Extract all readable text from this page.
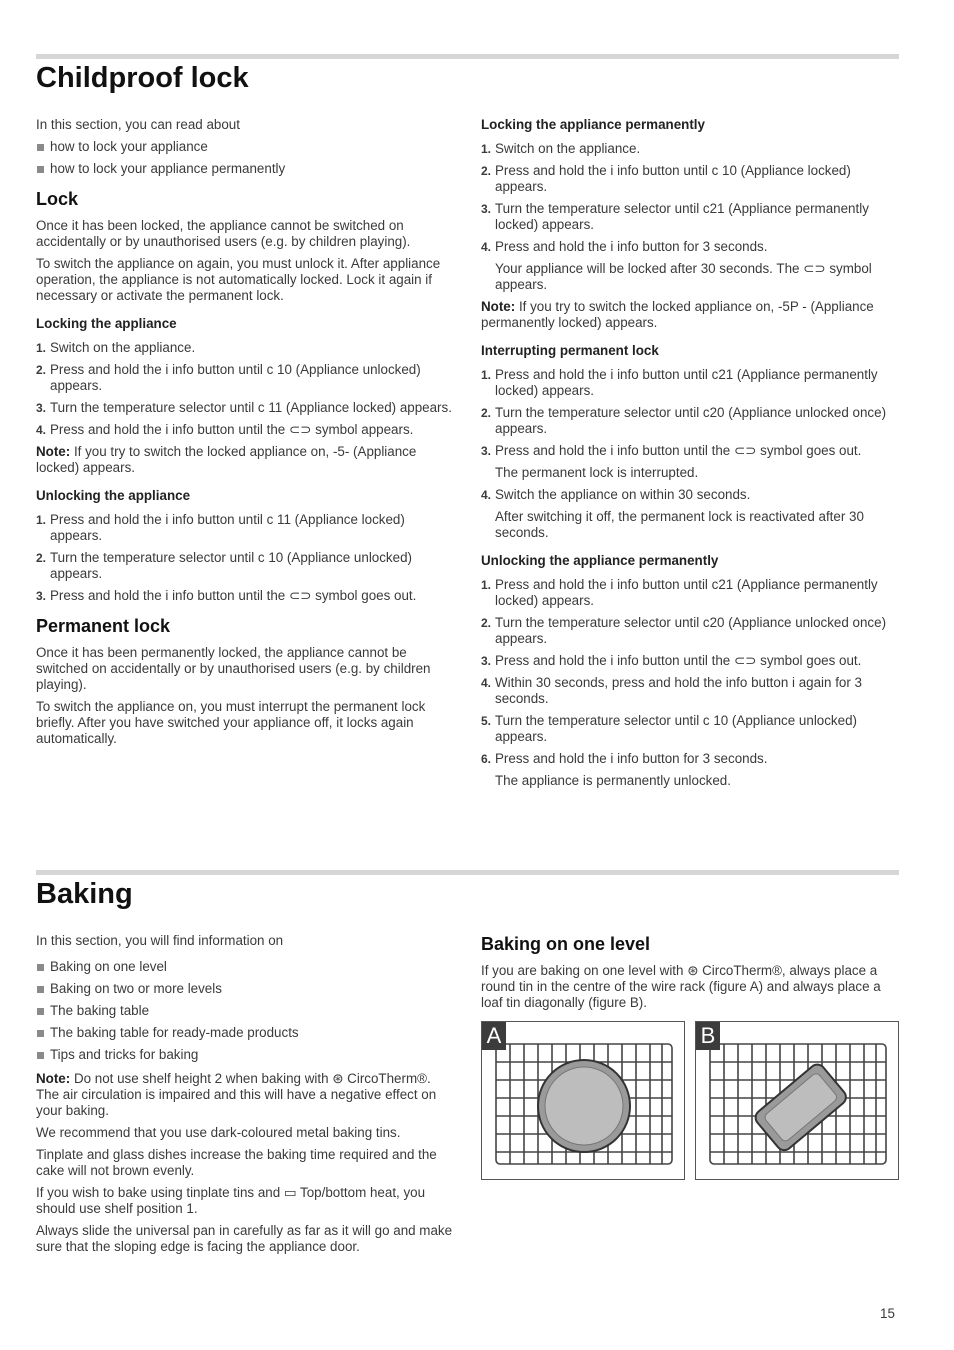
Childproof lock

In this section, you can read about

how to lock your appliance
how to lock your appliance permanently
Lock

Once it has been locked, the appliance cannot be switched on accidentally or by unauthorised users (e.g. by children playing).

To switch the appliance on again, you must unlock it. After appliance operation, the appliance is not automatically locked. Lock it again if necessary or activate the permanent lock.

Locking the appliance
1. Switch on the appliance.
2. Press and hold the i info button until c 10 (Appliance unlocked) appears.
3. Turn the temperature selector until c 11 (Appliance locked) appears.
4. Press and hold the i info button until the ⊂⊃ symbol appears.

Note: If you try to switch the locked appliance on, -5- (Appliance locked) appears.

Unlocking the appliance
1. Press and hold the i info button until c 11 (Appliance locked) appears.
2. Turn the temperature selector until c 10 (Appliance unlocked) appears.
3. Press and hold the i info button until the ⊂⊃ symbol goes out.
Permanent lock

Once it has been permanently locked, the appliance cannot be switched on accidentally or by unauthorised users (e.g. by children playing).

To switch the appliance on, you must interrupt the permanent lock briefly. After you have switched your appliance off, it locks again automatically.

Locking the appliance permanently
1. Switch on the appliance.
2. Press and hold the i info button until c 10 (Appliance locked) appears.
3. Turn the temperature selector until c21 (Appliance permanently locked) appears.
4. Press and hold the i info button for 3 seconds.
Your appliance will be locked after 30 seconds. The ⊂⊃ symbol appears.

Note: If you try to switch the locked appliance on, -5P - (Appliance permanently locked) appears.

Interrupting permanent lock
1. Press and hold the i info button until c21 (Appliance permanently locked) appears.
2. Turn the temperature selector until c20 (Appliance unlocked once) appears.
3. Press and hold the i info button until the ⊂⊃ symbol goes out.
The permanent lock is interrupted.
4. Switch the appliance on within 30 seconds.
After switching it off, the permanent lock is reactivated after 30 seconds.
Unlocking the appliance permanently
1. Press and hold the i info button until c21 (Appliance permanently locked) appears.
2. Turn the temperature selector until c20 (Appliance unlocked once) appears.
3. Press and hold the i info button until the ⊂⊃ symbol goes out.
4. Within 30 seconds, press and hold the info button i again for 3 seconds.
5. Turn the temperature selector until c 10 (Appliance unlocked) appears.
6. Press and hold the i info button for 3 seconds.
The appliance is permanently unlocked.
Baking

In this section, you will find information on

Baking on one level
Baking on two or more levels
The baking table
The baking table for ready-made products
Tips and tricks for baking

Note: Do not use shelf height 2 when baking with ⊛ CircoTherm®. The air circulation is impaired and this will have a negative effect on your baking.

We recommend that you use dark-coloured metal baking tins.

Tinplate and glass dishes increase the baking time required and the cake will not brown evenly.

If you wish to bake using tinplate tins and ▭ Top/bottom heat, you should use shelf position 1.

Always slide the universal pan in carefully as far as it will go and make sure that the sloping edge is facing the appliance door.

Baking on one level

If you are baking on one level with ⊛ CircoTherm®, always place a round tin in the centre of the wire rack (figure A) and always place a loaf tin diagonally (figure B).

A	B
15
